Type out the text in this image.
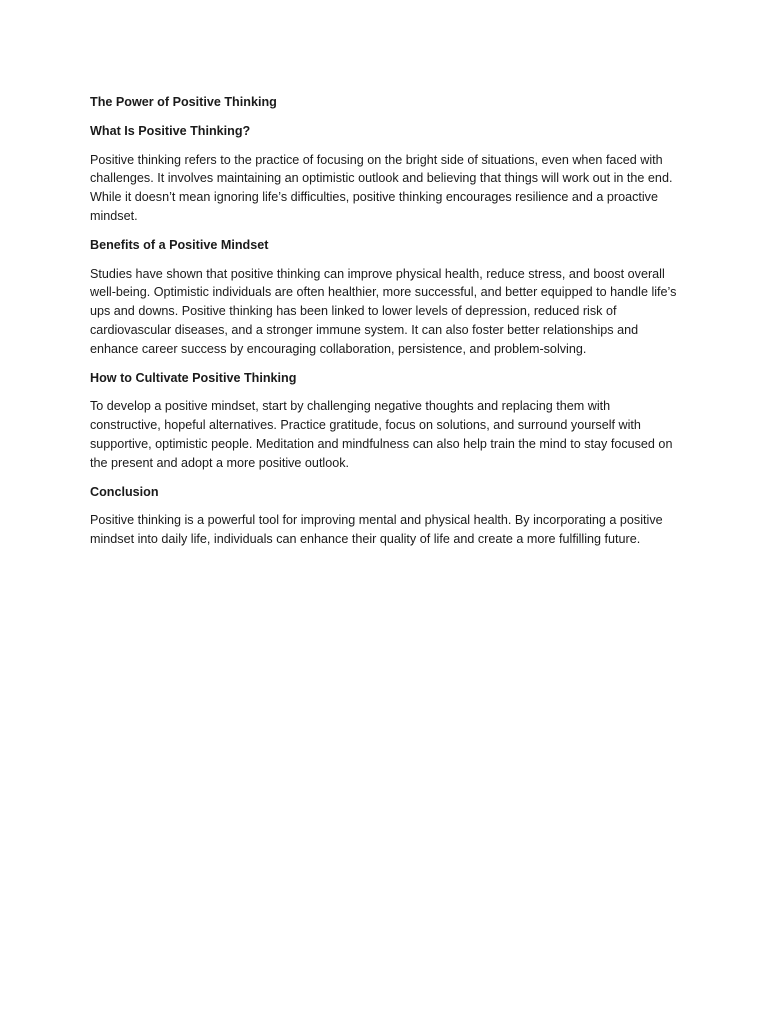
The Power of Positive Thinking

What Is Positive Thinking?

Positive thinking refers to the practice of focusing on the bright side of situations, even when faced with challenges. It involves maintaining an optimistic outlook and believing that things will work out in the end. While it doesn’t mean ignoring life’s difficulties, positive thinking encourages resilience and a proactive mindset.

Benefits of a Positive Mindset

Studies have shown that positive thinking can improve physical health, reduce stress, and boost overall well-being. Optimistic individuals are often healthier, more successful, and better equipped to handle life’s ups and downs. Positive thinking has been linked to lower levels of depression, reduced risk of cardiovascular diseases, and a stronger immune system. It can also foster better relationships and enhance career success by encouraging collaboration, persistence, and problem-solving.

How to Cultivate Positive Thinking

To develop a positive mindset, start by challenging negative thoughts and replacing them with constructive, hopeful alternatives. Practice gratitude, focus on solutions, and surround yourself with supportive, optimistic people. Meditation and mindfulness can also help train the mind to stay focused on the present and adopt a more positive outlook.

Conclusion

Positive thinking is a powerful tool for improving mental and physical health. By incorporating a positive mindset into daily life, individuals can enhance their quality of life and create a more fulfilling future.
